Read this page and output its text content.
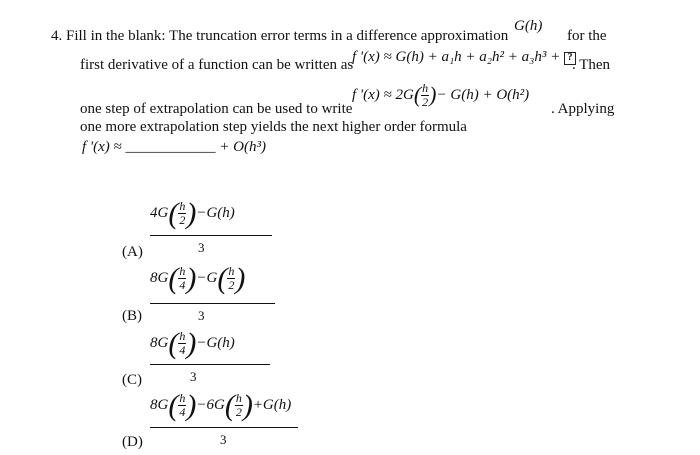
4. Fill in the blank: The truncation error terms in a difference approximation
G(h)
for the
first derivative of a function can be written as
f '(x) ≈ G(h) + a₁h + a₂h² + a₃h³ + ? . Then
f '$(x) \approx 2G( \frac{h}{2}$ )− G(h) + O(h²)
one step of extrapolation can be used to write	. Applying
one more extrapolation step yields the next higher order formula
f '(x) ≈ ____________ + O(h³)
$4G( \frac{h}{2} )-G(h)$
3
(A)
$8G( \frac{h}{4} )-G( \frac{h}{2}$ )
3
(B)
$8G( \frac{h}{4} )-G(h)$
3
(C)
$8G( \frac{h}{4} )-6G( \frac{h}{2} )+G(h)$
3
(D)
